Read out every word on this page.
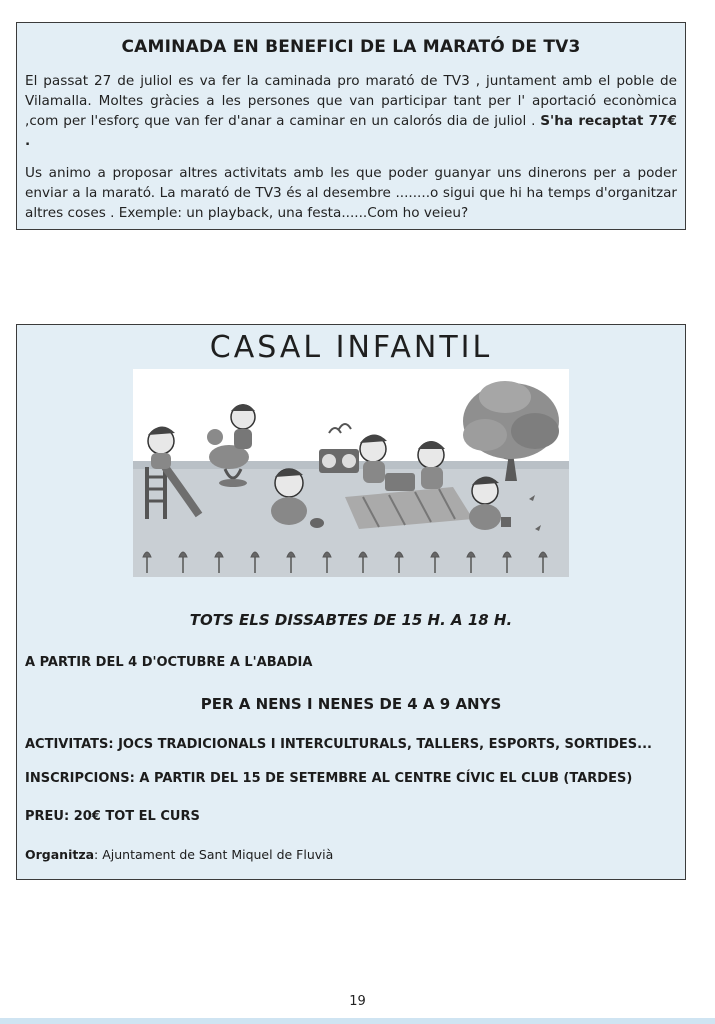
CAMINADA EN BENEFICI DE LA MARATÓ DE TV3

El passat 27 de juliol es va fer la caminada pro marató de TV3 , juntament amb el poble de Vilamalla. Moltes gràcies a les persones que van participar tant per l' aportació econòmica ,com per l'esforç que van fer d'anar a caminar en un calorós dia de juliol . S'ha recaptat 77€ .

Us animo a proposar altres activitats amb les que poder guanyar uns dinerons per a poder enviar a la marató. La marató de TV3 és al desembre ........o sigui que hi ha temps d'organitzar altres coses . Exemple: un playback, una festa......Com ho veieu?

CASAL INFANTIL
TOTS ELS DISSABTES DE 15 H. A 18 H.
A PARTIR DEL 4 D'OCTUBRE A L'ABADIA
PER A NENS I NENES DE 4 A 9 ANYS
ACTIVITATS: JOCS TRADICIONALS I INTERCULTURALS, TALLERS, ESPORTS, SORTIDES...
INSCRIPCIONS: A PARTIR DEL 15 DE SETEMBRE AL CENTRE CÍVIC EL CLUB (TARDES)
PREU: 20€ TOT EL CURS
Organitza: Ajuntament de Sant Miquel de Fluvià
19
